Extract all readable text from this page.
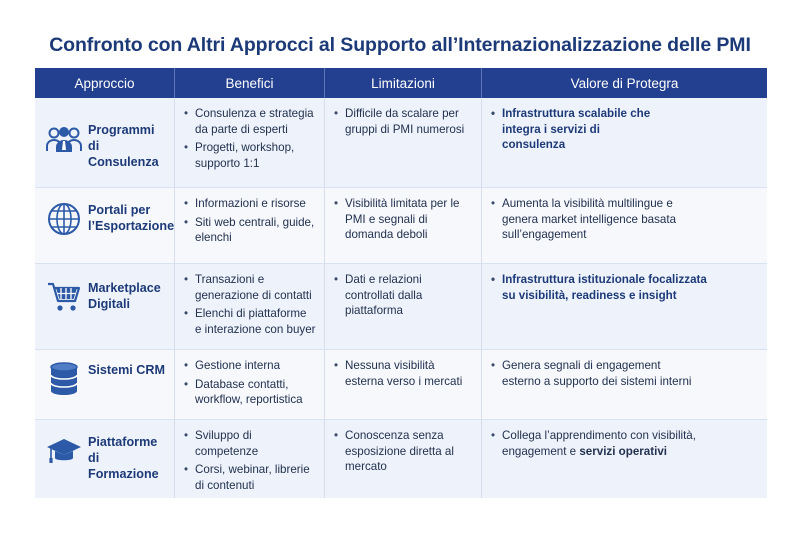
Confronto con Altri Approcci al Supporto all’Internazionalizzazione delle PMI
Approccio	Benefici	Limitazioni	Valore di Protegra
Programmi di Consulenza
• Consulenza e strategia da parte di esperti
• Progetti, workshop, supporto 1:1
• Difficile da scalare per gruppi di PMI numerosi
• Infrastruttura scalabile che integra i servizi di consulenza
Portali per l’Esportazione
• Informazioni e risorse
• Siti web centrali, guide, elenchi
• Visibilità limitata per le PMI e segnali di domanda deboli
• Aumenta la visibilità multilingue e genera market intelligence basata sull’engagement
Marketplace Digitali
• Transazioni e generazione di contatti
• Elenchi di piattaforme e interazione con buyer
• Dati e relazioni controllati dalla piattaforma
• Infrastruttura istituzionale focalizzata su visibilità, readiness e insight
Sistemi CRM
•	Gestione interna
• Database contatti, workflow, reportistica
• Nessuna visibilità esterna verso i mercati
• Genera segnali di engagement esterno a supporto dei sistemi interni
Piattaforme di Formazione
• Sviluppo di competenze
• Corsi, webinar, librerie di contenuti
• Conoscenza senza esposizione diretta al mercato
• Collega l’apprendimento con visibilità, engagement e servizi operativi
